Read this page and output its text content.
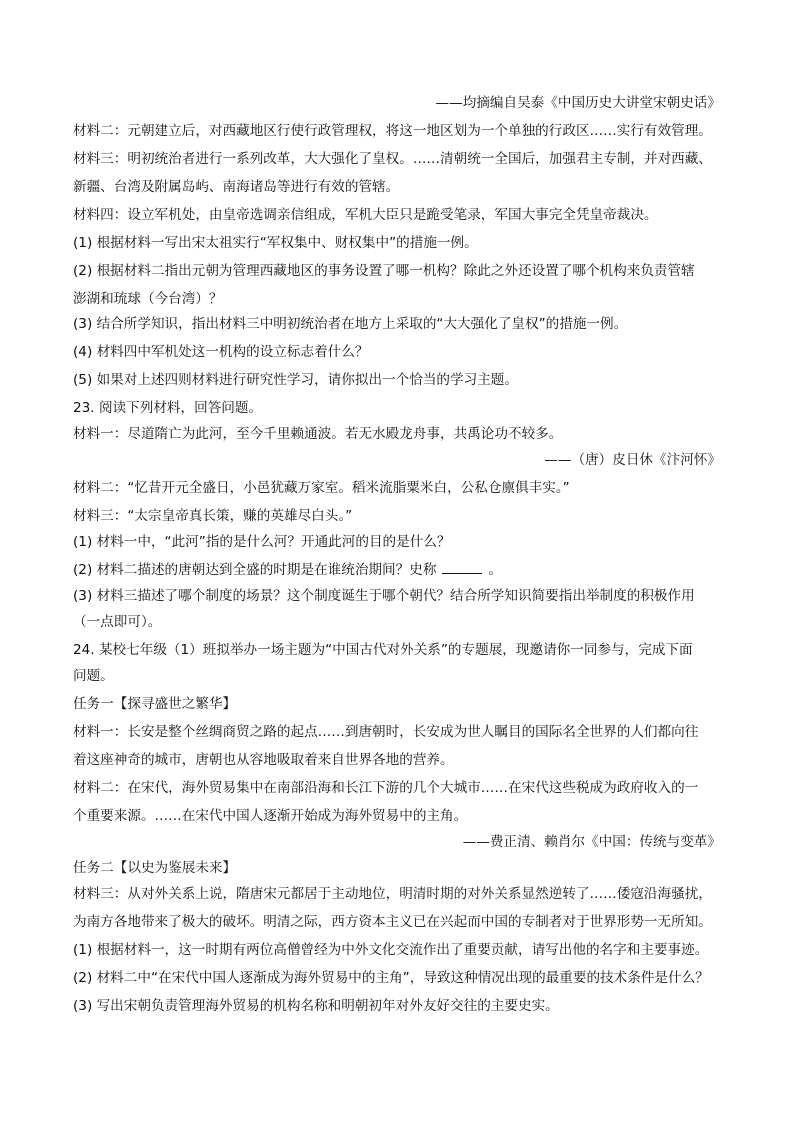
——均摘编自吴泰《中国历史大讲堂宋朝史话》
材料二：元朝建立后，对西藏地区行使行政管理权，将这一地区划为一个单独的行政区……实行有效管理。
材料三：明初统治者进行一系列改革，大大强化了皇权。……清朝统一全国后，加强君主专制，并对西藏、
新疆、台湾及附属岛屿、南海诸岛等进行有效的管辖。
材料四：设立军机处，由皇帝选调亲信组成，军机大臣只是跪受笔录，军国大事完全凭皇帝裁决。
(1) 根据材料一写出宋太祖实行“军权集中、财权集中”的措施一例。
(2) 根据材料二指出元朝为管理西藏地区的事务设置了哪一机构？除此之外还设置了哪个机构来负责管辖
澎湖和琉球（今台湾）？
(3) 结合所学知识，指出材料三中明初统治者在地方上采取的“大大强化了皇权”的措施一例。
(4) 材料四中军机处这一机构的设立标志着什么？
(5) 如果对上述四则材料进行研究性学习，请你拟出一个恰当的学习主题。
23. 阅读下列材料，回答问题。
材料一：尽道隋亡为此河，至今千里赖通波。若无水殿龙舟事，共禹论功不较多。
——（唐）皮日休《汴河怀》
材料二：“忆昔开元全盛日，小邑犹藏万家室。稻米流脂粟米白，公私仓廪俱丰实。”
材料三：“太宗皇帝真长策，赚的英雄尽白头。”
(1) 材料一中，“此河”指的是什么河？开通此河的目的是什么？
(2) 材料二描述的唐朝达到全盛的时期是在谁统治期间？史称	。
(3) 材料三描述了哪个制度的场景？这个制度诞生于哪个朝代？结合所学知识简要指出举制度的积极作用
（一点即可）。
24. 某校七年级（1）班拟举办一场主题为“中国古代对外关系”的专题展，现邀请你一同参与，完成下面
问题。
任务一【探寻盛世之繁华】
材料一：长安是整个丝绸商贸之路的起点……到唐朝时，长安成为世人瞩目的国际名全世界的人们都向往
着这座神奇的城市，唐朝也从容地吸取着来自世界各地的营养。
材料二：在宋代，海外贸易集中在南部沿海和长江下游的几个大城市……在宋代这些税成为政府收入的一
个重要来源。……在宋代中国人逐渐开始成为海外贸易中的主角。
——费正清、赖肖尔《中国：传统与变革》
任务二【以史为鉴展未来】
材料三：从对外关系上说，隋唐宋元都居于主动地位，明清时期的对外关系显然逆转了……倭寇沿海骚扰，
为南方各地带来了极大的破坏。明清之际，西方资本主义已在兴起而中国的专制者对于世界形势一无所知。
(1) 根据材料一，这一时期有两位高僧曾经为中外文化交流作出了重要贡献，请写出他的名字和主要事迹。
(2) 材料二中“在宋代中国人逐渐成为海外贸易中的主角”，导致这种情况出现的最重要的技术条件是什么？
(3) 写出宋朝负责管理海外贸易的机构名称和明朝初年对外友好交往的主要史实。
